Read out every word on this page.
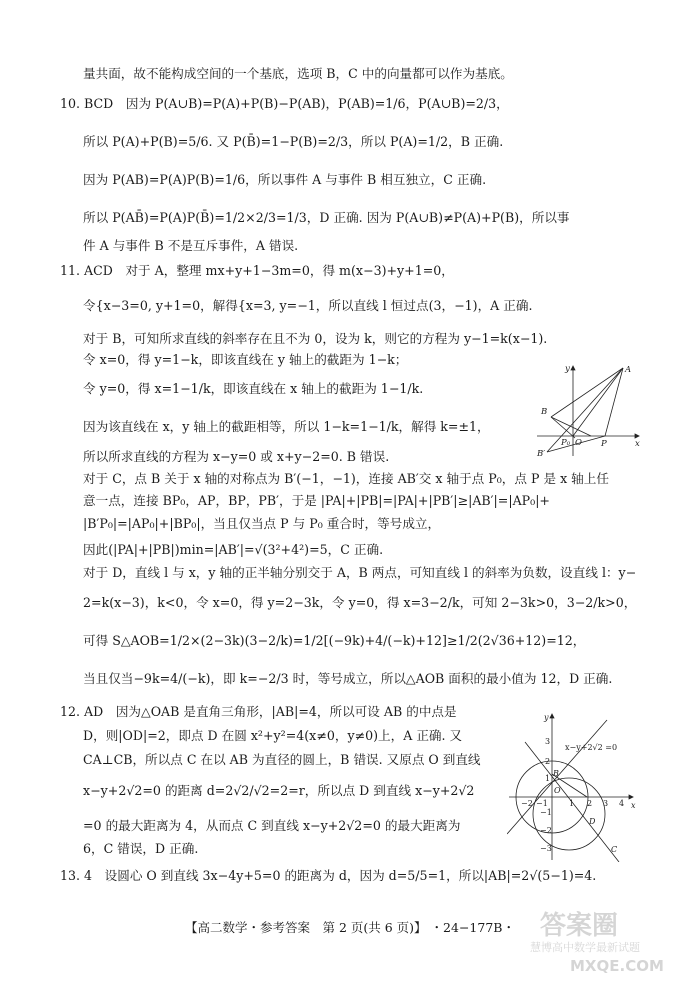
量共面，故不能构成空间的一个基底，选项 B，C 中的向量都可以作为基底。
10. BCD　因为 P(A∪B)=P(A)+P(B)−P(AB)，P(AB)=1/6，P(A∪B)=2/3，
所以 P(A)+P(B)=5/6. 又 P(B̄)=1−P(B)=2/3，所以 P(A)=1/2，B 正确.
因为 P(AB)=P(A)P(B)=1/6，所以事件 A 与事件 B 相互独立，C 正确.
所以 P(AB̄)=P(A)P(B̄)=1/2×2/3=1/3，D 正确. 因为 P(A∪B)≠P(A)+P(B)，所以事
件 A 与事件 B 不是互斥事件，A 错误.
11. ACD　对于 A，整理 mx+y+1−3m=0，得 m(x−3)+y+1=0，
令{x−3=0, y+1=0，解得{x=3, y=−1，所以直线 l 恒过点(3，−1)，A 正确.
对于 B，可知所求直线的斜率存在且不为 0，设为 k，则它的方程为 y−1=k(x−1).
令 x=0，得 y=1−k，即该直线在 y 轴上的截距为 1−k；
令 y=0，得 x=1−1/k，即该直线在 x 轴上的截距为 1−1/k.
因为该直线在 x，y 轴上的截距相等，所以 1−k=1−1/k，解得 k=±1，
所以所求直线的方程为 x−y=0 或 x+y−2=0. B 错误.
对于 C，点 B 关于 x 轴的对称点为 B′(−1，−1)，连接 AB′交 x 轴于点 P₀，点 P 是 x 轴上任
意一点，连接 BP₀，AP，BP，PB′，于是 |PA|+|PB|=|PA|+|PB′|≥|AB′|=|AP₀|+
|B′P₀|=|AP₀|+|BP₀|，当且仅当点 P 与 P₀ 重合时，等号成立，
因此(|PA|+|PB|)min=|AB′|=√(3²+4²)=5，C 正确.
对于 D，直线 l 与 x，y 轴的正半轴分别交于 A，B 两点，可知直线 l 的斜率为负数，设直线 l：y−
2=k(x−3)，k<0，令 x=0，得 y=2−3k，令 y=0，得 x=3−2/k，可知 2−3k>0，3−2/k>0，
可得 S△AOB=1/2×(2−3k)(3−2/k)=1/2[(−9k)+4/(−k)+12]≥1/2(2√36+12)=12，
当且仅当−9k=4/(−k)，即 k=−2/3 时，等号成立，所以△AOB 面积的最小值为 12，D 正确.
12. AD　因为△OAB 是直角三角形，|AB|=4，所以可设 AB 的中点是
D，则|OD|=2，即点 D 在圆 x²+y²=4(x≠0，y≠0)上，A 正确. 又
CA⊥CB，所以点 C 在以 AB 为直径的圆上，B 错误. 又原点 O 到直线
x−y+2√2=0 的距离 d=2√2/√2=2=r，所以点 D 到直线 x−y+2√2
=0 的最大距离为 4，从而点 C 到直线 x−y+2√2=0 的最大距离为
6，C 错误，D 正确.
13. 4　设圆心 O 到直线 3x−4y+5=0 的距离为 d，因为 d=5/5=1，所以|AB|=2√(5−1)=4.
y
x
A
B
B′
P₀ O P
y
x
x−y+2√2 =0
3
2
1
−1
−2
−3
O
B
D
C
−2 −1	1 2 3 4
【高二数学・参考答案　第 2 页(共 6 页)】 ・24−177B・ 答案圈
MXQE.COM
慧博高中数学最新试题
